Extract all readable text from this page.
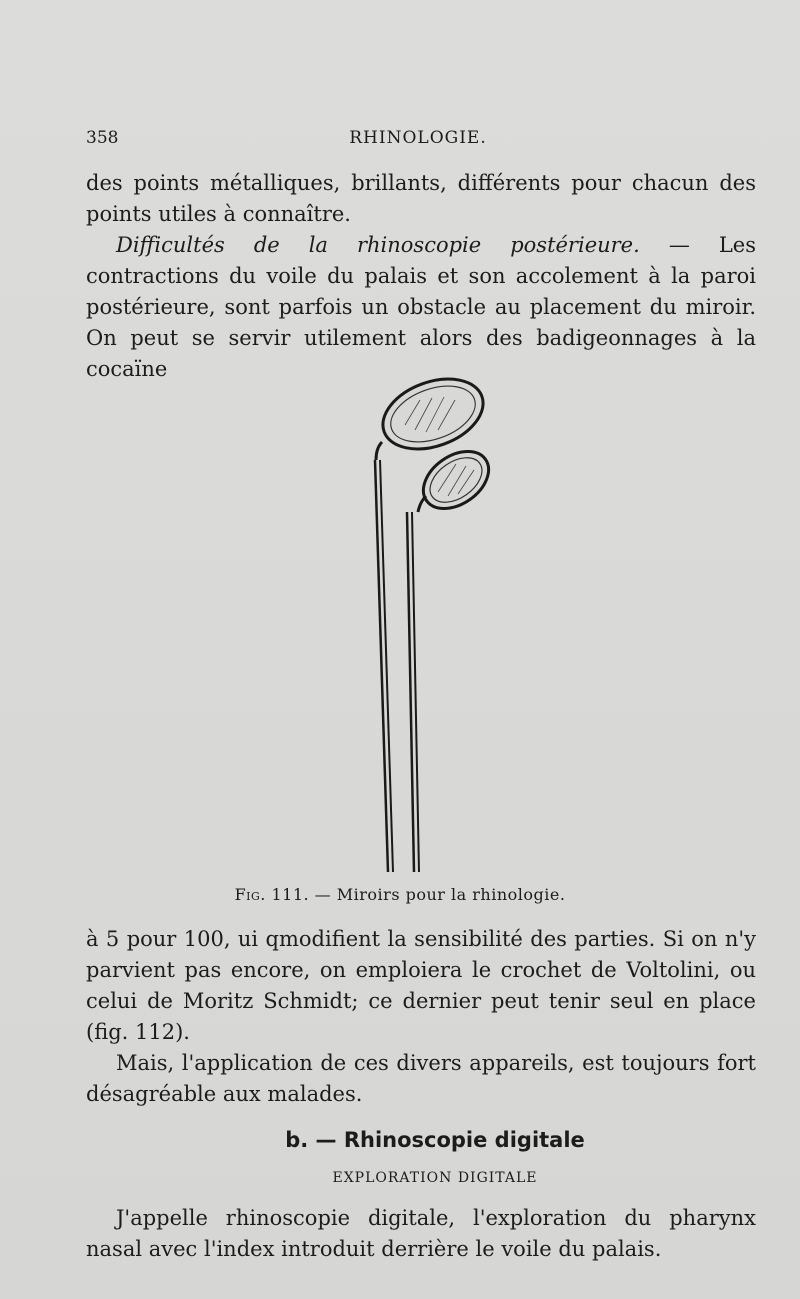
358	RHINOLOGIE.

des points métalliques, brillants, différents pour chacun des points utiles à connaître.

Difficultés de la rhinoscopie postérieure. — Les contractions du voile du palais et son accolement à la paroi postérieure, sont parfois un obstacle au placement du miroir. On peut se servir utilement alors des badigeonnages à la cocaïne

Fig. 111. — Miroirs pour la rhinologie.

à 5 pour 100, ui qmodifient la sensibilité des parties. Si on n'y parvient pas encore, on emploiera le crochet de Voltolini, ou celui de Moritz Schmidt; ce dernier peut tenir seul en place (fig. 112).

Mais, l'application de ces divers appareils, est toujours fort désagréable aux malades.

b. — Rhinoscopie digitale
EXPLORATION DIGITALE

J'appelle rhinoscopie digitale, l'exploration du pharynx nasal avec l'index introduit derrière le voile du palais.
